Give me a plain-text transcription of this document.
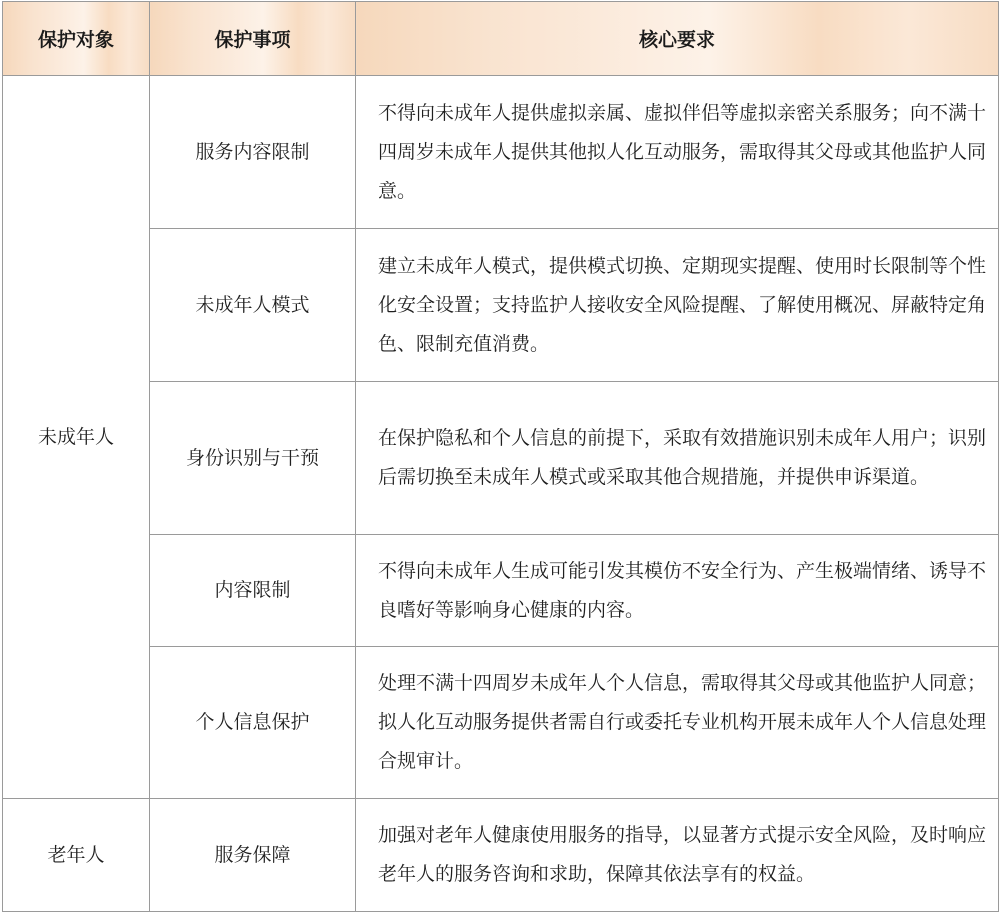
保护对象	保护事项	核心要求
未成年人	服务内容限制	不得向未成年人提供虚拟亲属、虚拟伴侣等虚拟亲密关系服务；向不满十四周岁未成年人提供其他拟人化互动服务，需取得其父母或其他监护人同意。
	未成年人模式	建立未成年人模式，提供模式切换、定期现实提醒、使用时长限制等个性化安全设置；支持监护人接收安全风险提醒、了解使用概况、屏蔽特定角色、限制充值消费。
	身份识别与干预	在保护隐私和个人信息的前提下，采取有效措施识别未成年人用户；识别后需切换至未成年人模式或采取其他合规措施，并提供申诉渠道。
	内容限制	不得向未成年人生成可能引发其模仿不安全行为、产生极端情绪、诱导不良嗜好等影响身心健康的内容。
	个人信息保护	处理不满十四周岁未成年人个人信息，需取得其父母或其他监护人同意；拟人化互动服务提供者需自行或委托专业机构开展未成年人个人信息处理合规审计。
老年人	服务保障	加强对老年人健康使用服务的指导，以显著方式提示安全风险，及时响应老年人的服务咨询和求助，保障其依法享有的权益。
